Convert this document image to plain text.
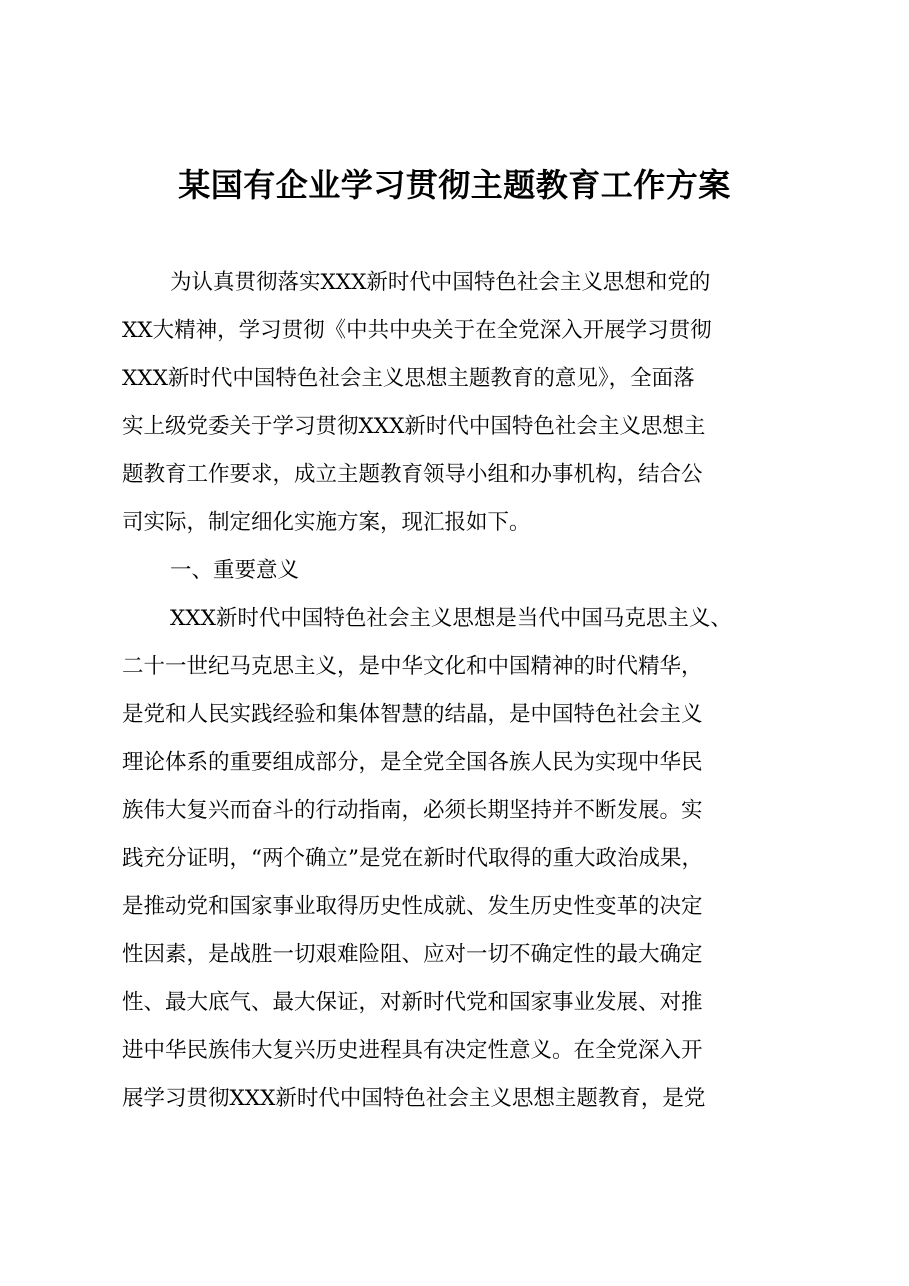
某国有企业学习贯彻主题教育工作方案
为认真贯彻落实XXX新时代中国特色社会主义思想和党的
XX大精神，学习贯彻《中共中央关于在全党深入开展学习贯彻
XXX新时代中国特色社会主义思想主题教育的意见》，全面落
实上级党委关于学习贯彻XXX新时代中国特色社会主义思想主
题教育工作要求，成立主题教育领导小组和办事机构，结合公
司实际，制定细化实施方案，现汇报如下。
一、重要意义
XXX新时代中国特色社会主义思想是当代中国马克思主义、
二十一世纪马克思主义，是中华文化和中国精神的时代精华，
是党和人民实践经验和集体智慧的结晶，是中国特色社会主义
理论体系的重要组成部分，是全党全国各族人民为实现中华民
族伟大复兴而奋斗的行动指南，必须长期坚持并不断发展。实
践充分证明，“两个确立”是党在新时代取得的重大政治成果，
是推动党和国家事业取得历史性成就、发生历史性变革的决定
性因素，是战胜一切艰难险阻、应对一切不确定性的最大确定
性、最大底气、最大保证，对新时代党和国家事业发展、对推
进中华民族伟大复兴历史进程具有决定性意义。在全党深入开
展学习贯彻XXX新时代中国特色社会主义思想主题教育，是党
